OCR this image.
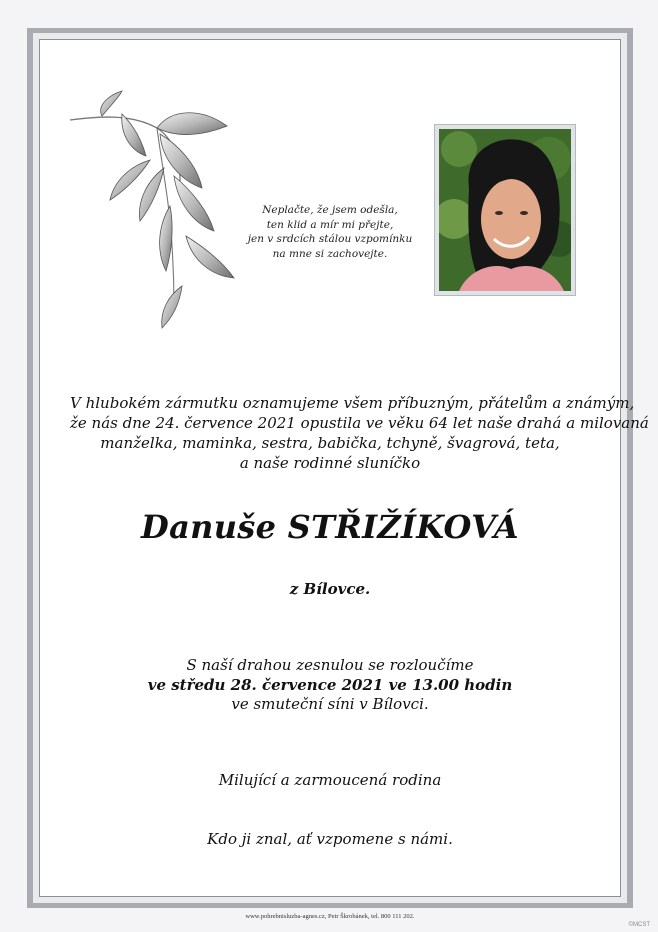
Neplačte, že jsem odešla,
ten klid a mír mi přejte,
jen v srdcích stálou vzpomínku
na mne si zachovejte.
V hlubokém zármutku oznamujeme všem příbuzným, přátelům a známým,
že nás dne 24. července 2021 opustila ve věku 64 let naše drahá a milovaná
manželka, maminka, sestra, babička, tchyně, švagrová, teta,
a naše rodinné sluníčko
Danuše STŘIŽÍKOVÁ
z Bílovce.
S naší drahou zesnulou se rozloučíme
ve středu 28. července 2021 ve 13.00 hodin
ve smuteční síni v Bílovci.
Milující a zarmoucená rodina
Kdo ji znal, ať vzpomene s námi.
www.pohrebnisluzba-agnes.cz, Petr Škrobánek, tel. 800 111 202.
©MCST
